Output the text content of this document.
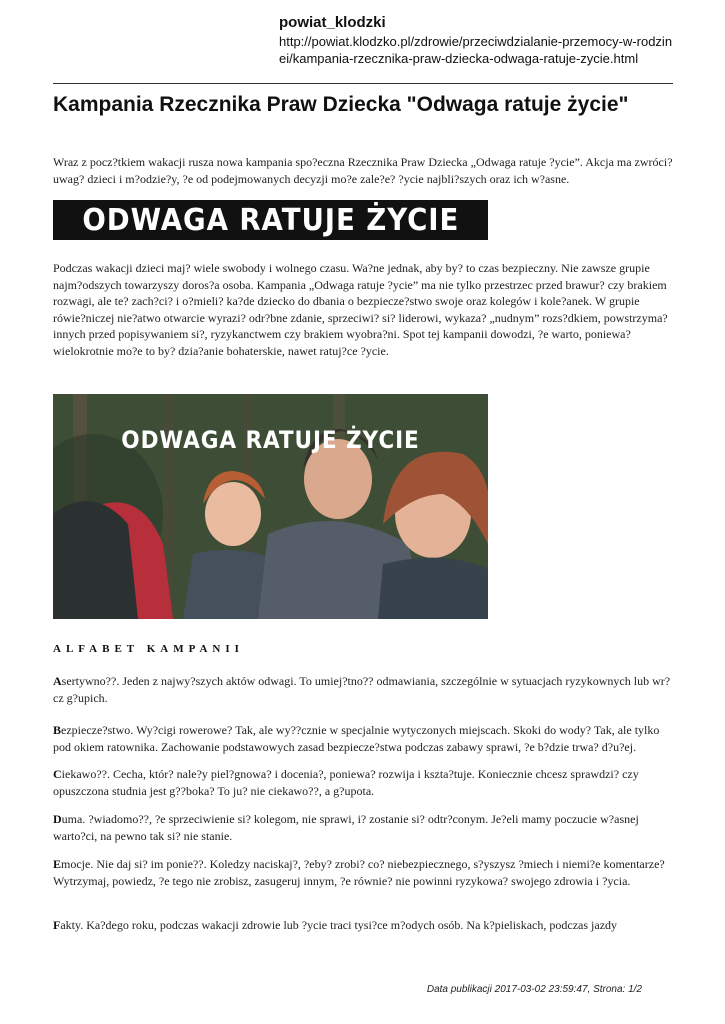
powiat_klodzki
http://powiat.klodzko.pl/zdrowie/przeciwdzialanie-przemocy-w-rodzinei/kampania-rzecznika-praw-dziecka-odwaga-ratuje-zycie.html
Kampania Rzecznika Praw Dziecka "Odwaga ratuje życie"

Wraz z pocz?tkiem wakacji rusza nowa kampania spo?eczna Rzecznika Praw Dziecka „Odwaga ratuje ?ycie”. Akcja ma zwróci? uwag? dzieci i m?odzie?y, ?e od podejmowanych decyzji mo?e zale?e? ?ycie najbli?szych oraz ich w?asne.

ODWAGA RATUJE ŻYCIE

Podczas wakacji dzieci maj? wiele swobody i wolnego czasu. Wa?ne jednak, aby by? to czas bezpieczny. Nie zawsze grupie najm?odszych towarzyszy doros?a osoba. Kampania „Odwaga ratuje ?ycie” ma nie tylko przestrzec przed brawur? czy brakiem rozwagi, ale te? zach?ci? i o?mieli? ka?de dziecko do dbania o bezpiecze?stwo swoje oraz kolegów i kole?anek. W grupie rówie?niczej nie?atwo otwarcie wyrazi? odr?bne zdanie, sprzeciwi? si? liderowi, wykaza? „nudnym” rozs?dkiem, powstrzyma? innych przed popisywaniem si?, ryzykanctwem czy brakiem wyobra?ni. Spot tej kampanii dowodzi, ?e warto, poniewa? wielokrotnie mo?e to by? dzia?anie bohaterskie, nawet ratuj?ce ?ycie.

ODWAGA RATUJE ŻYCIE
ALFABET KAMPANII

Asertywno??. Jeden z najwy?szych aktów odwagi. To umiej?tno?? odmawiania, szczególnie w sytuacjach ryzykownych lub wr?cz g?upich.

Bezpiecze?stwo. Wy?cigi rowerowe? Tak, ale wy??cznie w specjalnie wytyczonych miejscach. Skoki do wody? Tak, ale tylko pod okiem ratownika. Zachowanie podstawowych zasad bezpiecze?stwa podczas zabawy sprawi, ?e b?dzie trwa? d?u?ej.

Ciekawo??. Cecha, któr? nale?y piel?gnowa? i docenia?, poniewa? rozwija i kszta?tuje. Koniecznie chcesz sprawdzi? czy opuszczona studnia jest g??boka? To ju? nie ciekawo??, a g?upota.

Duma. ?wiadomo??, ?e sprzeciwienie si? kolegom, nie sprawi, i? zostanie si? odtr?conym. Je?eli mamy poczucie w?asnej warto?ci, na pewno tak si? nie stanie.

Emocje. Nie daj si? im ponie??. Koledzy naciskaj?, ?eby? zrobi? co? niebezpiecznego, s?yszysz ?miech i niemi?e komentarze? Wytrzymaj, powiedz, ?e tego nie zrobisz, zasugeruj innym, ?e równie? nie powinni ryzykowa? swojego zdrowia i ?ycia.

Fakty. Ka?dego roku, podczas wakacji zdrowie lub ?ycie traci tysi?ce m?odych osób. Na k?pieliskach, podczas jazdy

Data publikacji 2017-03-02 23:59:47, Strona: 1/2
